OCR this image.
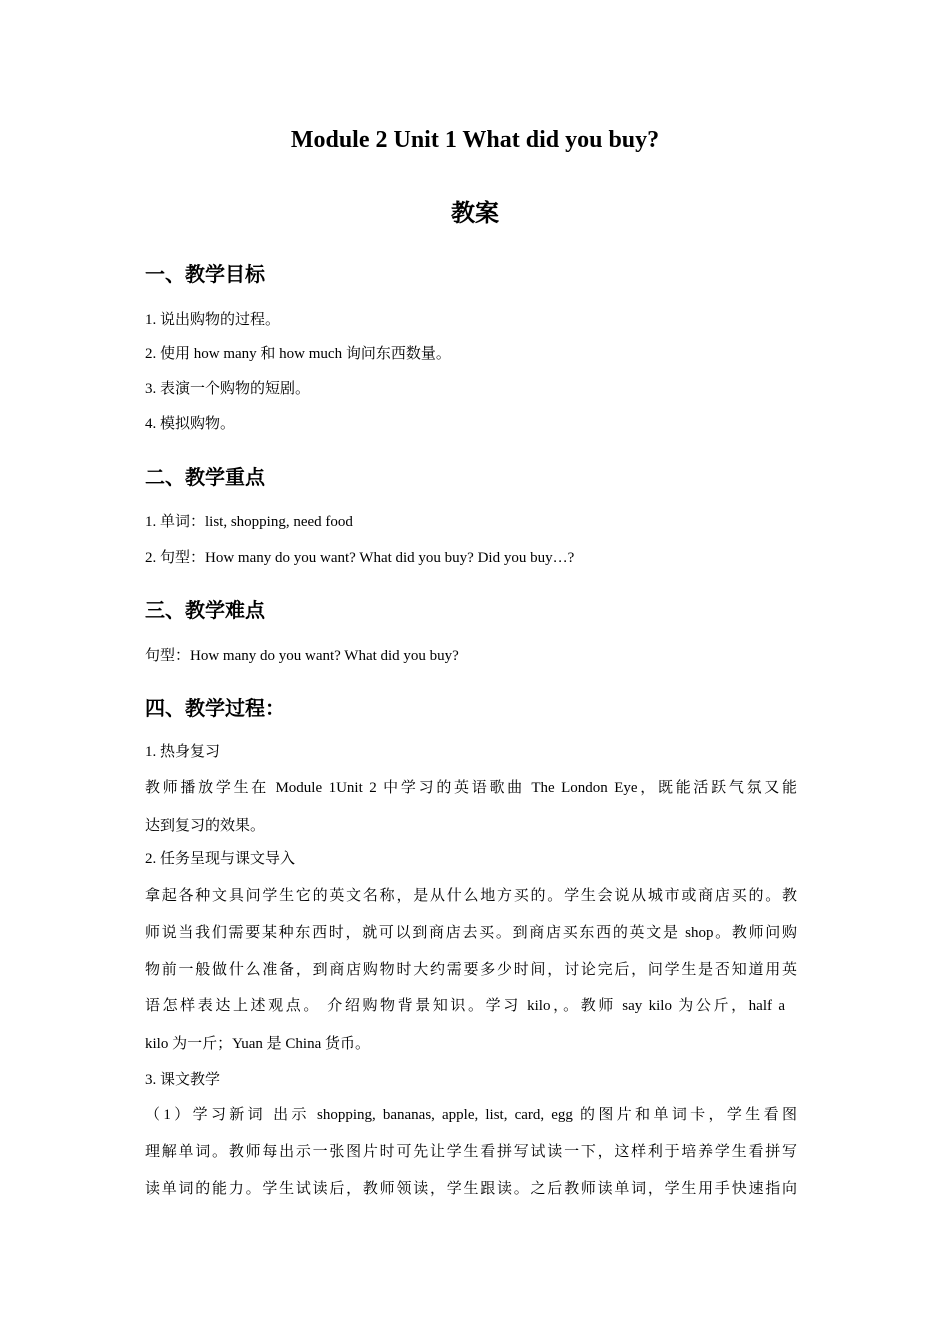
Module 2 Unit 1 What did you buy?
教案
一、教学目标
1. 说出购物的过程。
2. 使用 how many 和 how much 询问东西数量。
3. 表演一个购物的短剧。
4. 模拟购物。
二、教学重点
1. 单词：list, shopping, need food
2. 句型：How many do you want? What did you buy? Did you buy…?
三、教学难点
句型：How many do you want? What did you buy?
四、教学过程：
1. 热身复习
教师播放学生在 Module 1Unit 2 中学习的英语歌曲 The London Eye，既能活跃气氛又能
达到复习的效果。
2. 任务呈现与课文导入
拿起各种文具问学生它的英文名称，是从什么地方买的。学生会说从城市或商店买的。教
师说当我们需要某种东西时，就可以到商店去买。到商店买东西的英文是 shop。教师问购
物前一般做什么准备，到商店购物时大约需要多少时间，讨论完后，问学生是否知道用英
语怎样表达上述观点。 介绍购物背景知识。学习 kilo，。教师 say kilo 为公斤，half a
kilo 为一斤；Yuan 是 China 货币。
3. 课文教学
（1）学习新词 出示 shopping, bananas, apple, list, card, egg 的图片和单词卡，学生看图
理解单词。教师每出示一张图片时可先让学生看拼写试读一下，这样利于培养学生看拼写
读单词的能力。学生试读后，教师领读，学生跟读。之后教师读单词，学生用手快速指向
